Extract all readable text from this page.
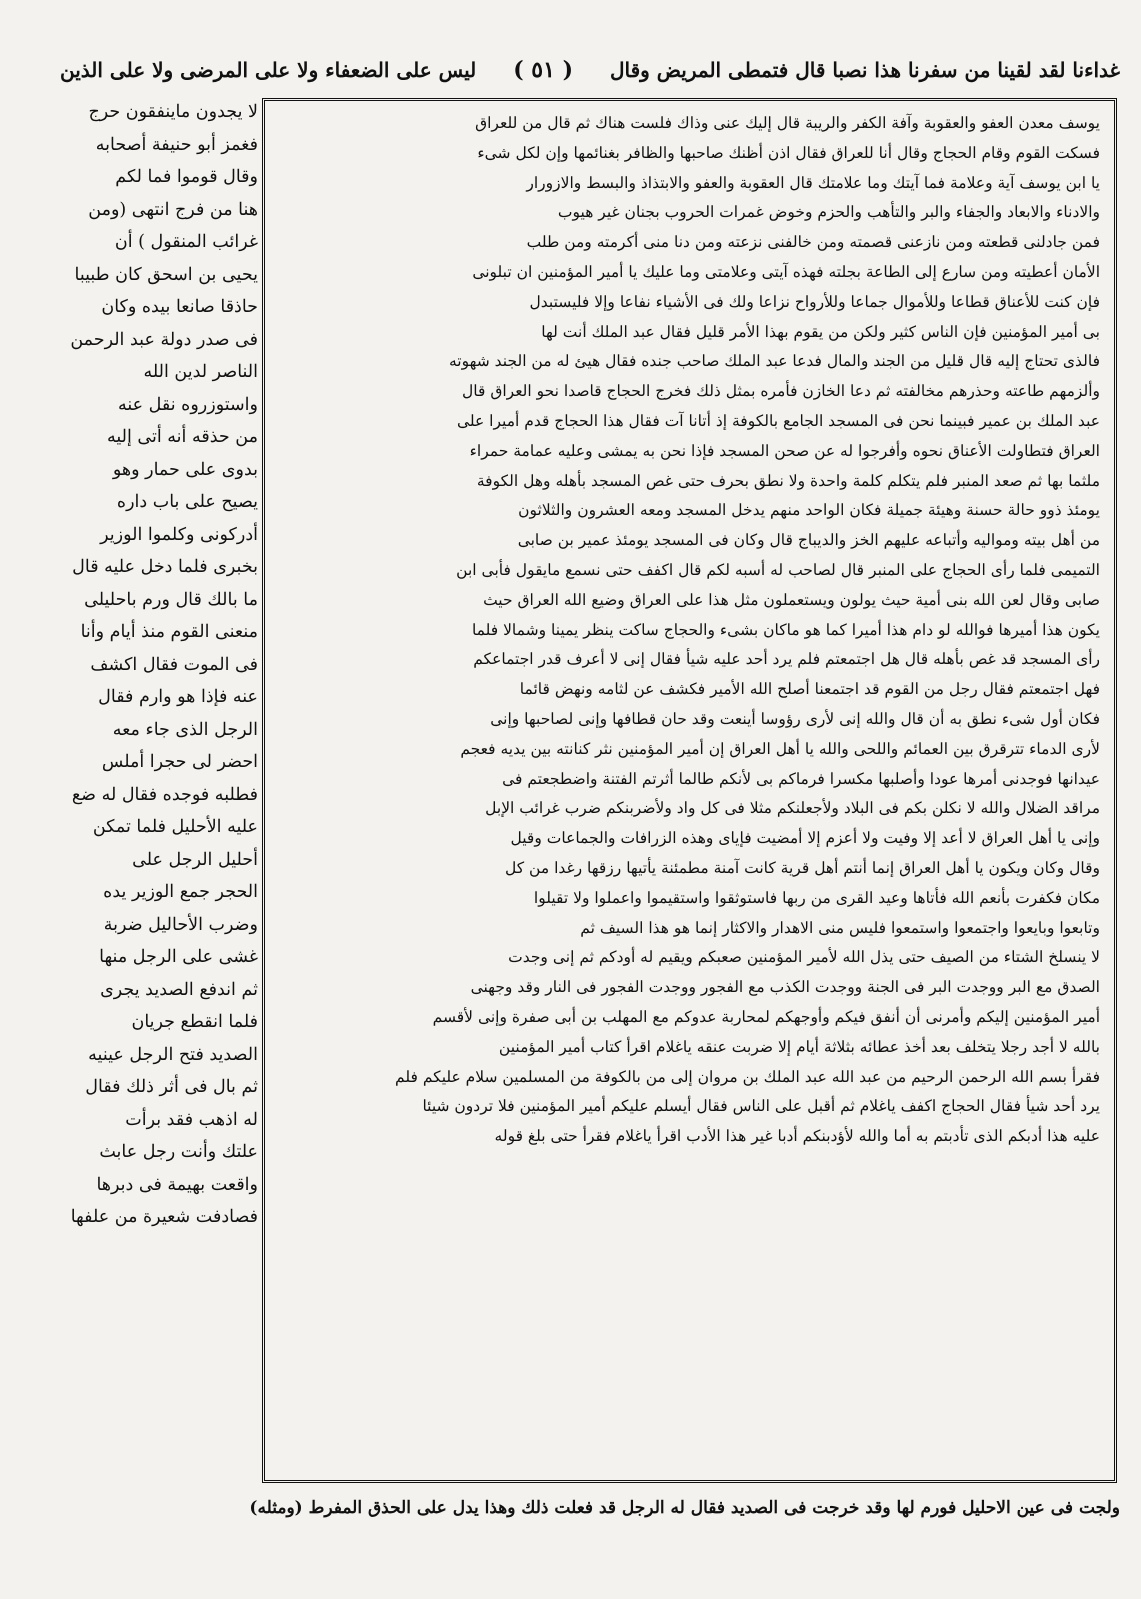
غداءنا لقد لقينا من سفرنا هذا نصبا قال فتمطى المريض وقال
( ٥١ )
ليس على الضعفاء ولا على المرضى ولا على الذين
يوسف معدن العفو والعقوبة وآفة الكفر والريبة قال إليك عنى وذاك فلست هناك ثم قال من للعراق
فسكت القوم وقام الحجاج وقال أنا للعراق فقال اذن أظنك صاحبها والظافر بغنائمها وإن لكل شىء
يا ابن يوسف آية وعلامة فما آيتك وما علامتك قال العقوبة والعفو والابتذاذ والبسط والازورار
والادناء والابعاد والجفاء والبر والتأهب والحزم وخوض غمرات الحروب بجنان غير هيوب
فمن جادلنى قطعته ومن نازعنى قصمته ومن خالفنى نزعته ومن دنا منى أكرمته ومن طلب
الأمان أعطيته ومن سارع إلى الطاعة بجلته فهذه آيتى وعلامتى وما عليك يا أمير المؤمنين ان تبلونى
فإن كنت للأعناق قطاعا وللأموال جماعا وللأرواح نزاعا ولك فى الأشياء نفاعا وإلا فليستبدل
بى أمير المؤمنين فإن الناس كثير ولكن من يقوم بهذا الأمر قليل فقال عبد الملك أنت لها
فالذى تحتاج إليه قال قليل من الجند والمال فدعا عبد الملك صاحب جنده فقال هيئ له من الجند شهوته
وألزمهم طاعته وحذرهم مخالفته ثم دعا الخازن فأمره بمثل ذلك فخرج الحجاج قاصدا نحو العراق قال
عبد الملك بن عمير فبينما نحن فى المسجد الجامع بالكوفة إذ أتانا آت فقال هذا الحجاج قدم أميرا على
العراق فتطاولت الأعناق نحوه وأفرجوا له عن صحن المسجد فإذا نحن به يمشى وعليه عمامة حمراء
ملثما بها ثم صعد المنبر فلم يتكلم كلمة واحدة ولا نطق بحرف حتى غص المسجد بأهله وهل الكوفة
يومئذ ذوو حالة حسنة وهيئة جميلة فكان الواحد منهم يدخل المسجد ومعه العشرون والثلاثون
من أهل بيته ومواليه وأتباعه عليهم الخز والديباج قال وكان فى المسجد يومئذ عمير بن صابى
التميمى فلما رأى الحجاج على المنبر قال لصاحب له أسبه لكم قال اكفف حتى نسمع مايقول فأبى ابن
صابى وقال لعن الله بنى أمية حيث يولون ويستعملون مثل هذا على العراق وضيع الله العراق حيث
يكون هذا أميرها فوالله لو دام هذا أميرا كما هو ماكان بشىء والحجاج ساكت ينظر يمينا وشمالا فلما
رأى المسجد قد غص بأهله قال هل اجتمعتم فلم يرد أحد عليه شيأ فقال إنى لا أعرف قدر اجتماعكم
فهل اجتمعتم فقال رجل من القوم قد اجتمعنا أصلح الله الأمير فكشف عن لثامه ونهض قائما
فكان أول شىء نطق به أن قال والله إنى لأرى رؤوسا أينعت وقد حان قطافها وإنى لصاحبها وإنى
لأرى الدماء تترقرق بين العمائم واللحى والله يا أهل العراق إن أمير المؤمنين نثر كنانته بين يديه فعجم
عيدانها فوجدنى أمرها عودا وأصلبها مكسرا فرماكم بى لأنكم طالما أثرتم الفتنة واضطجعتم فى
مراقد الضلال والله لا نكلن بكم فى البلاد ولأجعلنكم مثلا فى كل واد ولأضربنكم ضرب غرائب الإبل
وإنى يا أهل العراق لا أعد إلا وفيت ولا أعزم إلا أمضيت فإياى وهذه الزرافات والجماعات وقيل
وقال وكان ويكون يا أهل العراق إنما أنتم أهل قرية كانت آمنة مطمئنة يأتيها رزقها رغدا من كل
مكان فكفرت بأنعم الله فأتاها وعيد القرى من ربها فاستوثقوا واستقيموا واعملوا ولا تقيلوا
وتابعوا وبايعوا واجتمعوا واستمعوا فليس منى الاهدار والاكثار إنما هو هذا السيف ثم
لا ينسلخ الشتاء من الصيف حتى يذل الله لأمير المؤمنين صعبكم ويقيم له أودكم ثم إنى وجدت
الصدق مع البر ووجدت البر فى الجنة ووجدت الكذب مع الفجور ووجدت الفجور فى النار وقد وجهنى
أمير المؤمنين إليكم وأمرنى أن أنفق فيكم وأوجهكم لمحاربة عدوكم مع المهلب بن أبى صفرة وإنى لأقسم
بالله لا أجد رجلا يتخلف بعد أخذ عطائه بثلاثة أيام إلا ضربت عنقه ياغلام اقرأ كتاب أمير المؤمنين
فقرأ بسم الله الرحمن الرحيم من عبد الله عبد الملك بن مروان إلى من بالكوفة من المسلمين سلام عليكم فلم
يرد أحد شيأ فقال الحجاج اكفف ياغلام ثم أقبل على الناس فقال أيسلم عليكم أمير المؤمنين فلا تردون شيئا
عليه هذا أدبكم الذى تأدبتم به أما والله لأؤدبنكم أدبا غير هذا الأدب اقرأ ياغلام فقرأ حتى بلغ قوله
لا يجدون ماينفقون حرج
فغمز أبو حنيفة أصحابه
وقال قوموا فما لكم
هنا من فرج انتهى (ومن
غرائب المنقول ) أن
يحيى بن اسحق كان طبيبا
حاذقا صانعا بيده وكان
فى صدر دولة عبد الرحمن
الناصر لدين الله
واستوزروه نقل عنه
من حذقه أنه أتى إليه
بدوى على حمار وهو
يصيح على باب داره
أدركونى وكلموا الوزير
بخبرى فلما دخل عليه قال
ما بالك قال ورم باحليلى
منعنى القوم منذ أيام وأنا
فى الموت فقال اكشف
عنه فإذا هو وارم فقال
الرجل الذى جاء معه
احضر لى حجرا أملس
فطلبه فوجده فقال له ضع
عليه الأحليل فلما تمكن
أحليل الرجل على
الحجر جمع الوزير يده
وضرب الأحاليل ضربة
غشى على الرجل منها
ثم اندفع الصديد يجرى
فلما انقطع جريان
الصديد فتح الرجل عينيه
ثم بال فى أثر ذلك فقال
له اذهب فقد برأت
علتك وأنت رجل عابث
واقعت بهيمة فى دبرها
فصادفت شعيرة من علفها
ولجت فى عين الاحليل فورم لها وقد خرجت فى الصديد فقال له الرجل قد فعلت ذلك وهذا يدل على الحذق المفرط (ومثله)
